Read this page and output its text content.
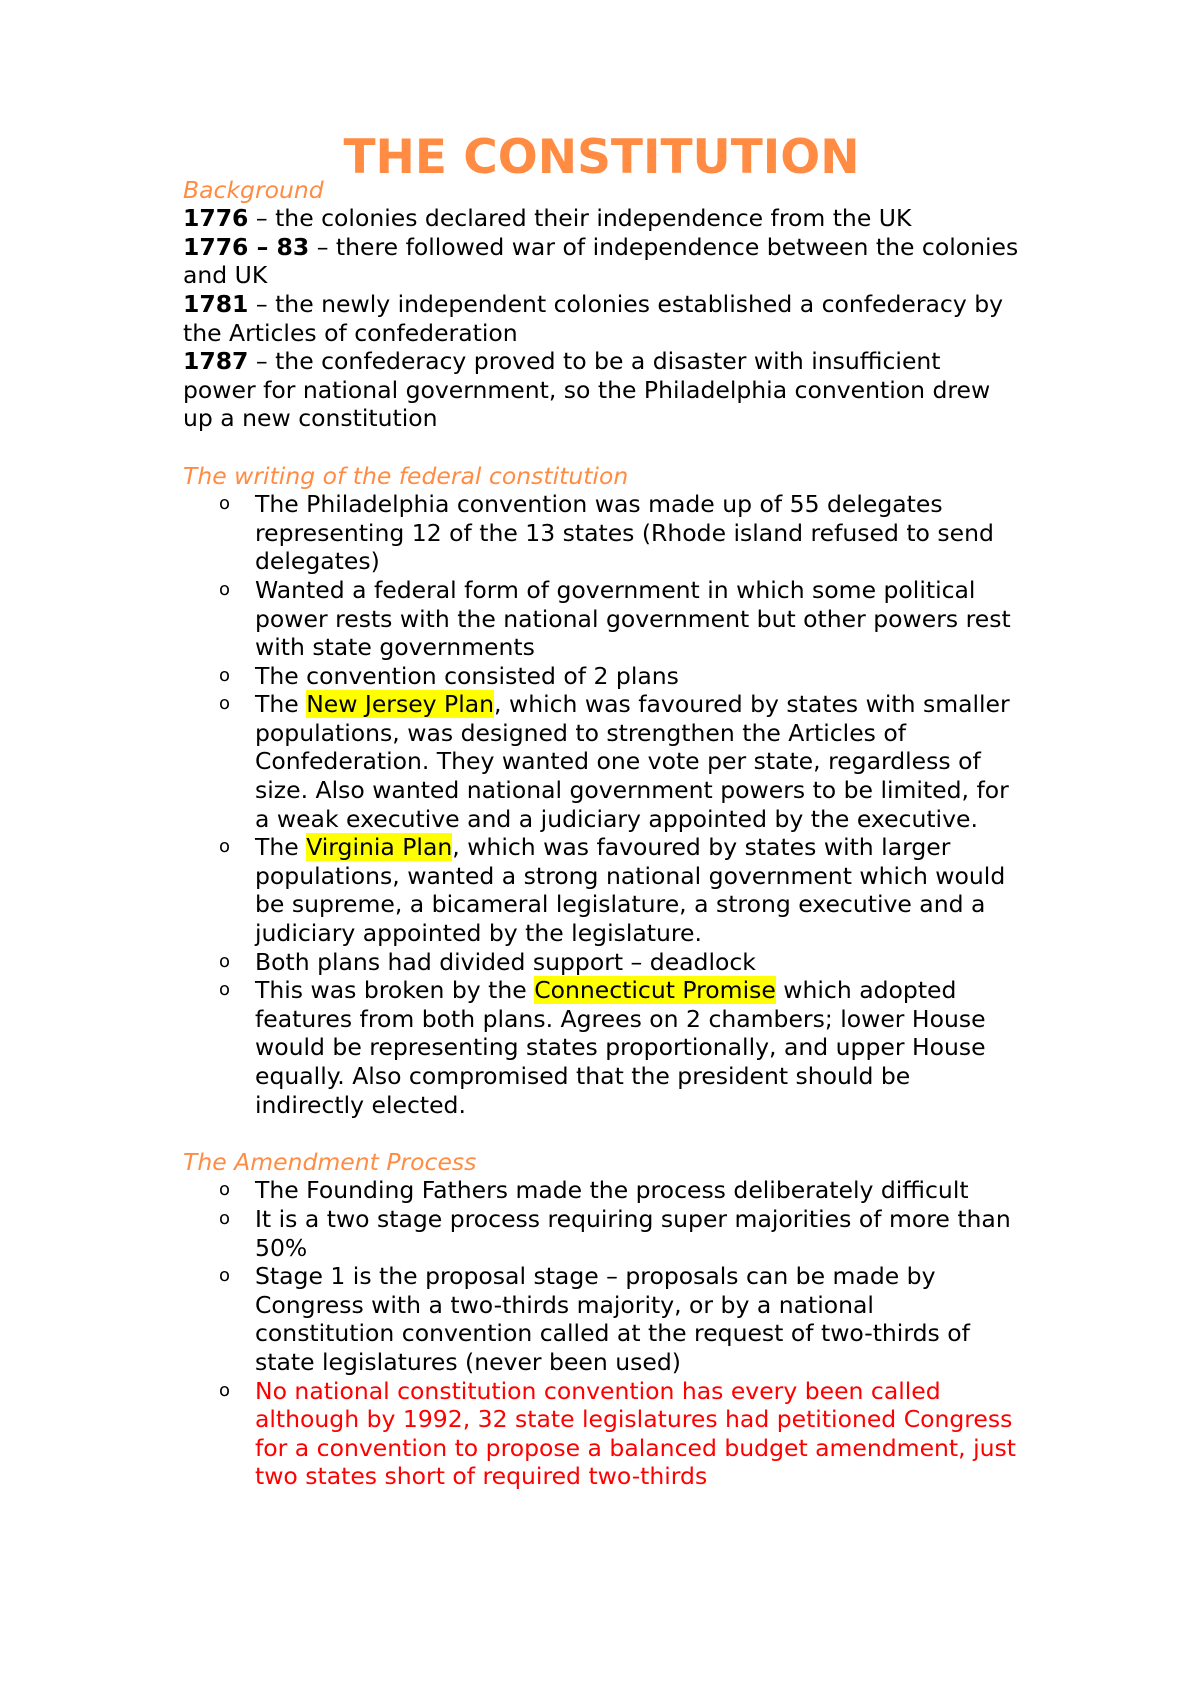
THE CONSTITUTION
Background

1776 – the colonies declared their independence from the UK

1776 – 83 – there followed war of independence between the colonies and UK

1781 – the newly independent colonies established a confederacy by the Articles of confederation

1787 – the confederacy proved to be a disaster with insufficient power for national government, so the Philadelphia convention drew up a new constitution

The writing of the federal constitution
o The Philadelphia convention was made up of 55 delegates representing 12 of the 13 states (Rhode island refused to send delegates)
o Wanted a federal form of government in which some political power rests with the national government but other powers rest with state governments
o The convention consisted of 2 plans
o The New Jersey Plan, which was favoured by states with smaller populations, was designed to strengthen the Articles of Confederation. They wanted one vote per state, regardless of size. Also wanted national government powers to be limited, for a weak executive and a judiciary appointed by the executive.
o The Virginia Plan, which was favoured by states with larger populations, wanted a strong national government which would be supreme, a bicameral legislature, a strong executive and a judiciary appointed by the legislature.
o Both plans had divided support – deadlock
o This was broken by the Connecticut Promise which adopted features from both plans. Agrees on 2 chambers; lower House would be representing states proportionally, and upper House equally. Also compromised that the president should be indirectly elected.
The Amendment Process
o The Founding Fathers made the process deliberately difficult
o It is a two stage process requiring super majorities of more than 50%
o Stage 1 is the proposal stage – proposals can be made by Congress with a two-thirds majority, or by a national constitution convention called at the request of two-thirds of state legislatures (never been used)
o No national constitution convention has every been called although by 1992, 32 state legislatures had petitioned Congress for a convention to propose a balanced budget amendment, just two states short of required two-thirds
